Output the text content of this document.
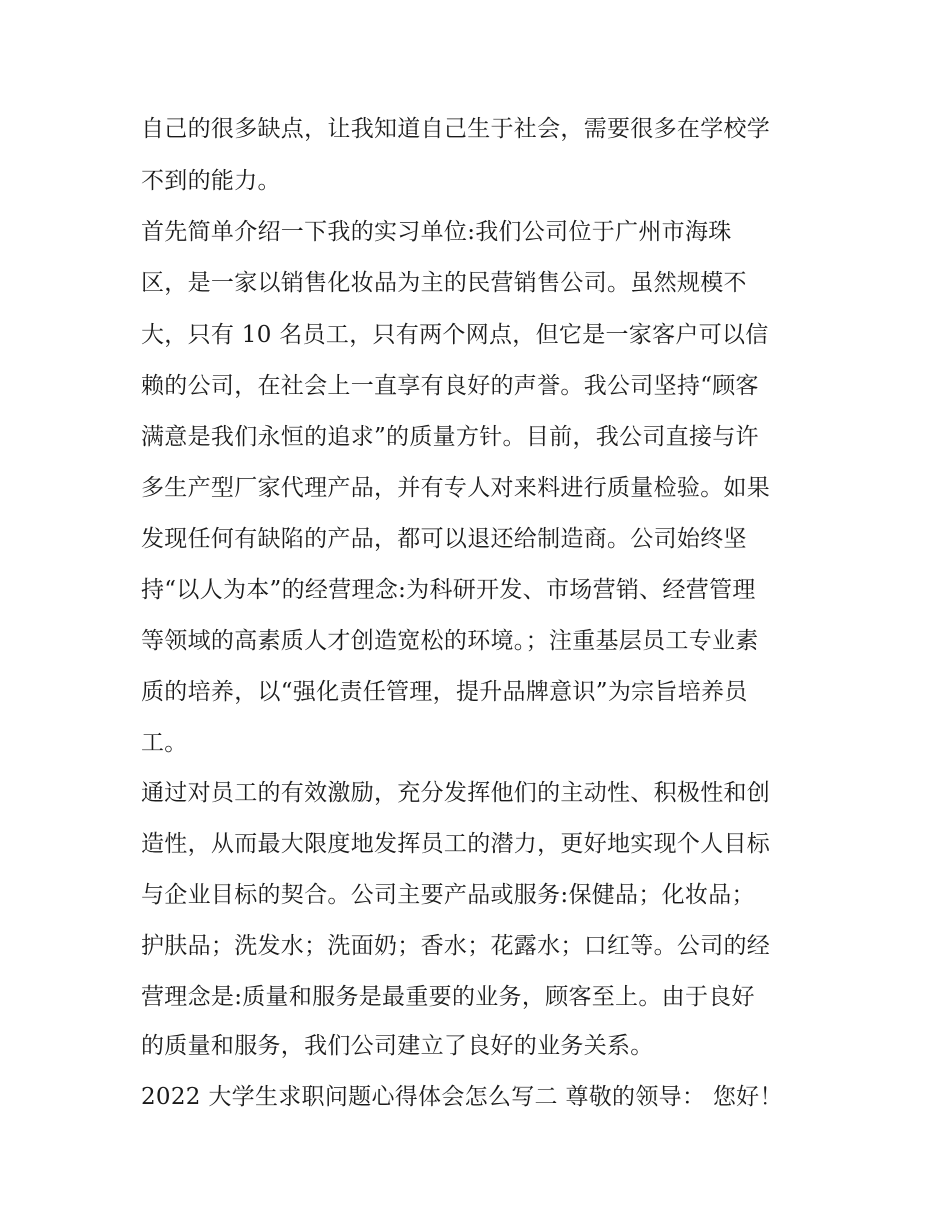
自己的很多缺点，让我知道自己生于社会，需要很多在学校学
不到的能力。
首先简单介绍一下我的实习单位:我们公司位于广州市海珠
区，是一家以销售化妆品为主的民营销售公司。虽然规模不
大，只有 10 名员工，只有两个网点，但它是一家客户可以信
赖的公司，在社会上一直享有良好的声誉。我公司坚持“顾客
满意是我们永恒的追求”的质量方针。目前，我公司直接与许
多生产型厂家代理产品，并有专人对来料进行质量检验。如果
发现任何有缺陷的产品，都可以退还给制造商。公司始终坚
持“以人为本”的经营理念:为科研开发、市场营销、经营管理
等领域的高素质人才创造宽松的环境。；注重基层员工专业素
质的培养，以“强化责任管理，提升品牌意识”为宗旨培养员
工。
通过对员工的有效激励，充分发挥他们的主动性、积极性和创
造性，从而最大限度地发挥员工的潜力，更好地实现个人目标
与企业目标的契合。公司主要产品或服务:保健品；化妆品；
护肤品；洗发水；洗面奶；香水；花露水；口红等。公司的经
营理念是:质量和服务是最重要的业务，顾客至上。由于良好
的质量和服务，我们公司建立了良好的业务关系。
2022 大学生求职问题心得体会怎么写二 尊敬的领导： 您好！
